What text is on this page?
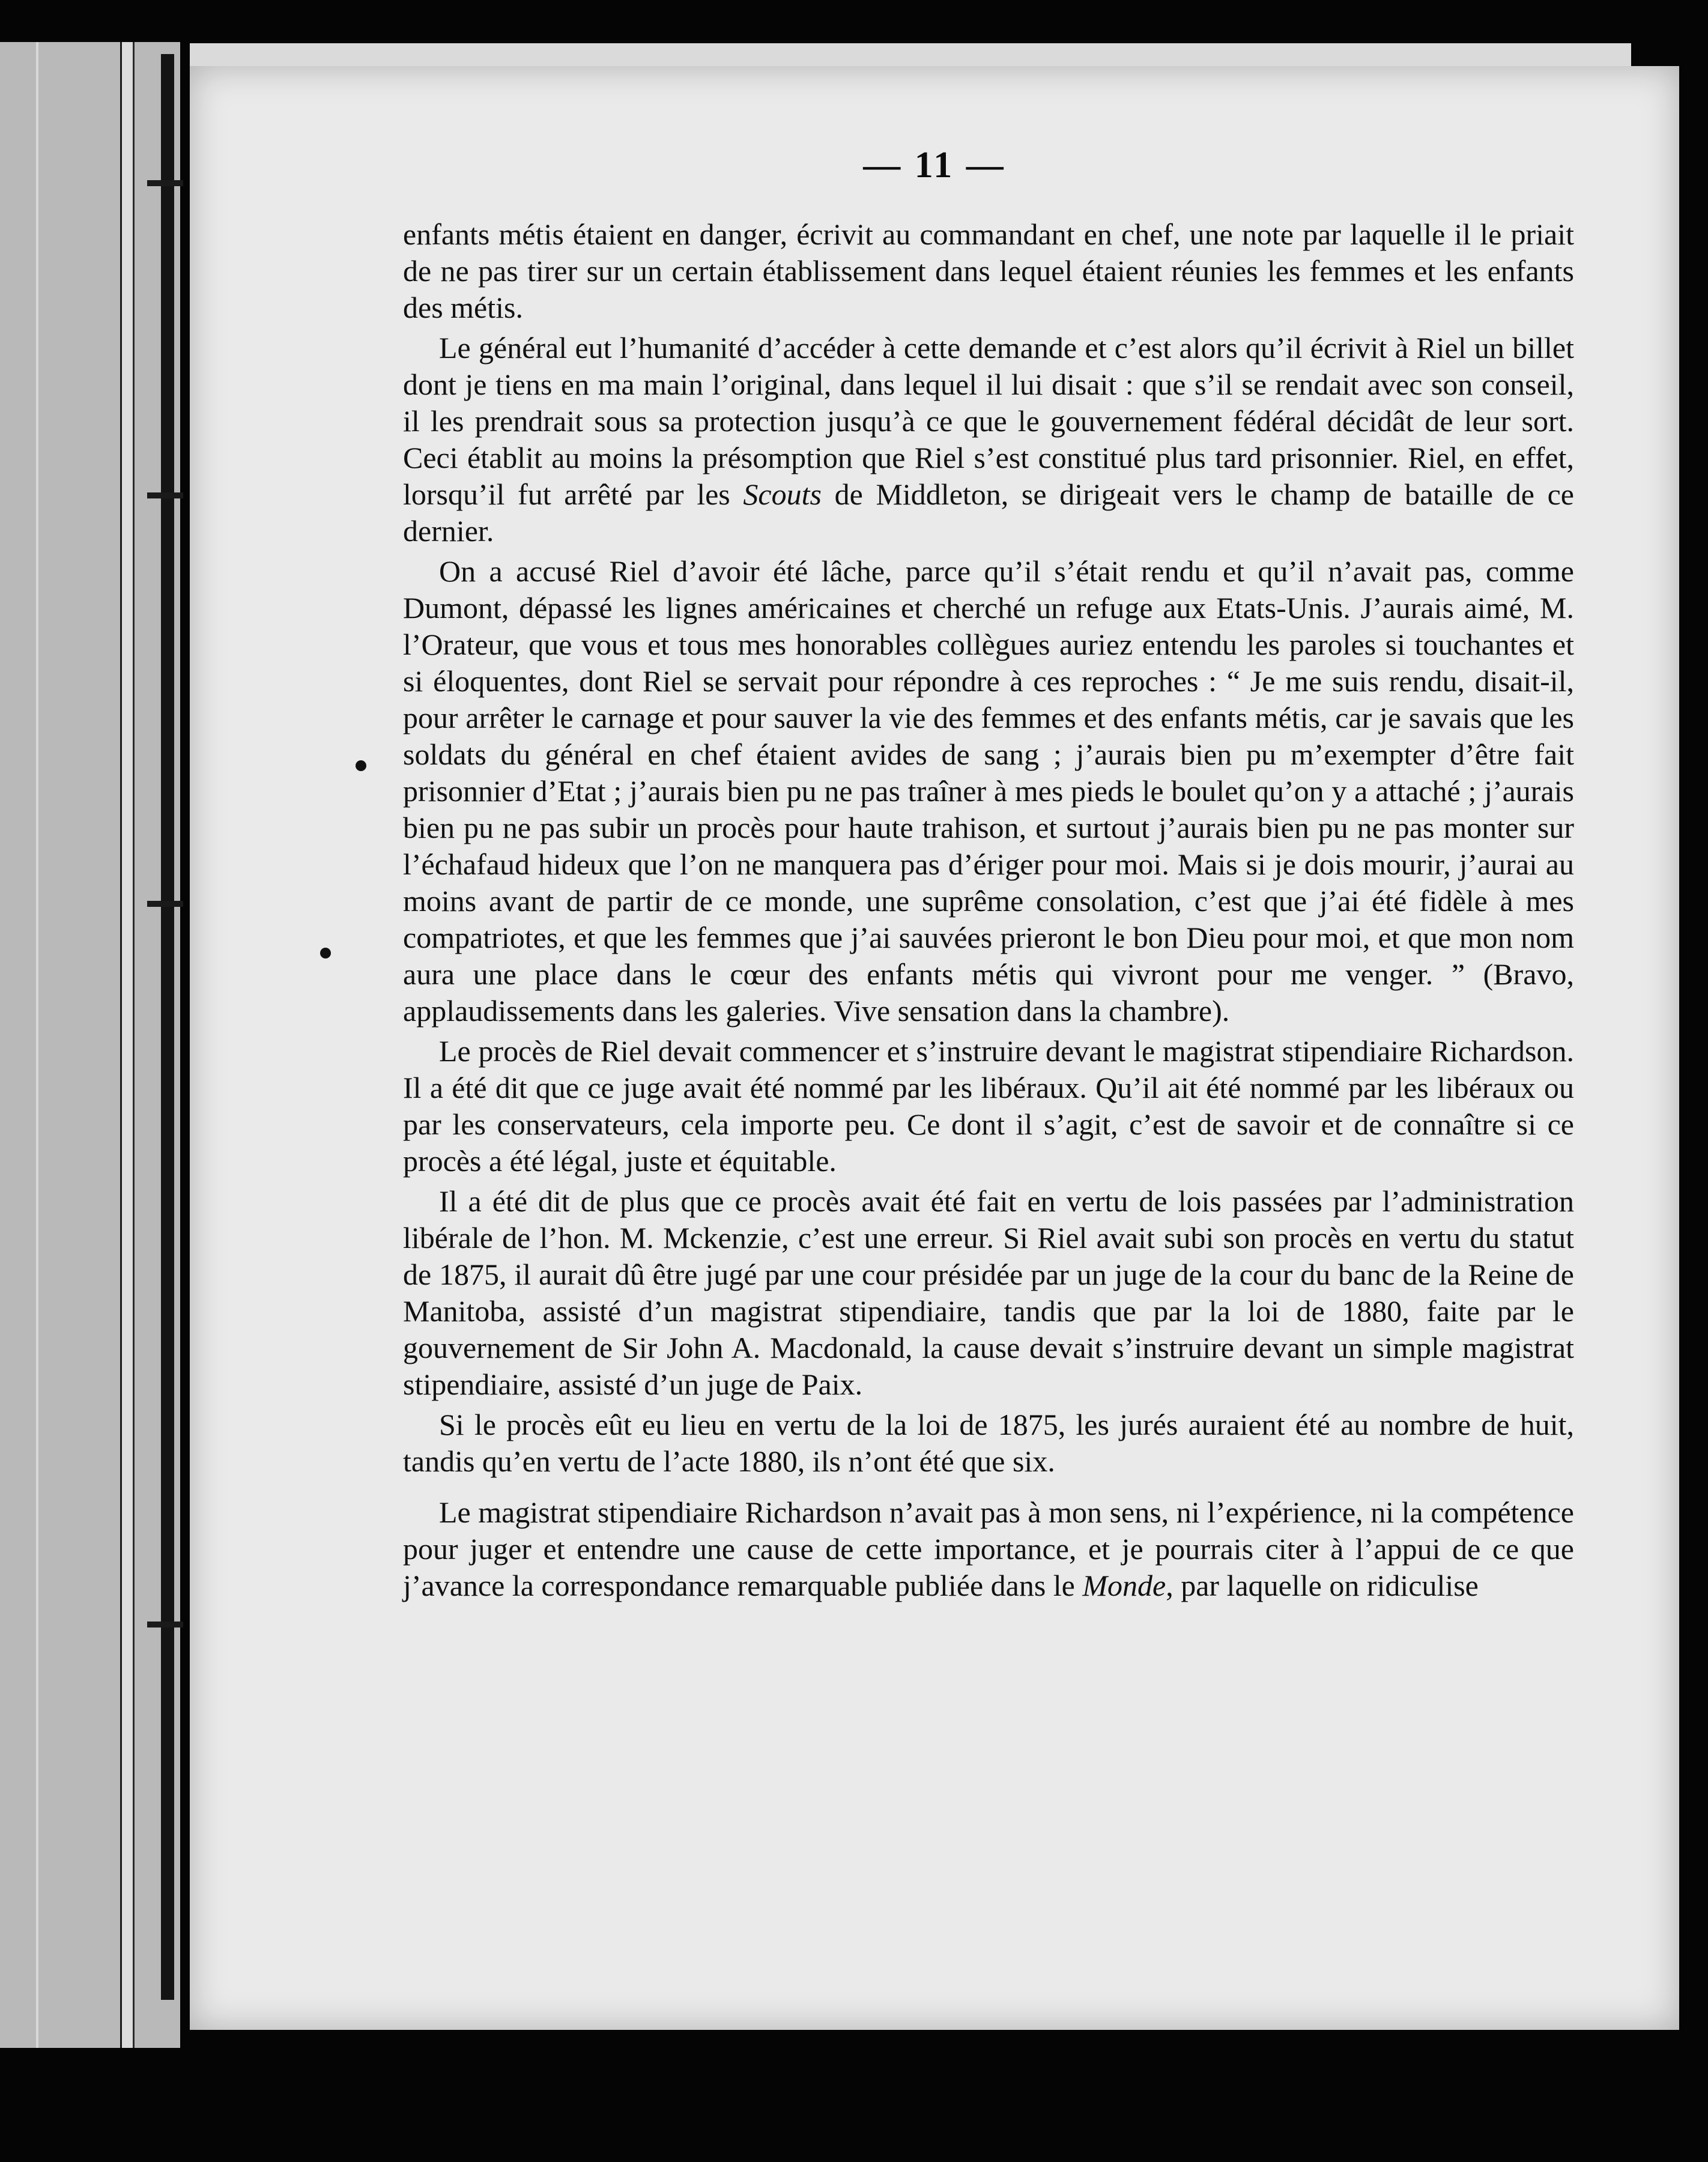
— 11 —

enfants métis étaient en danger, écrivit au commandant en chef, une note par laquelle il le priait de ne pas tirer sur un certain établissement dans lequel étaient réunies les femmes et les enfants des métis.

Le général eut l’humanité d’accéder à cette demande et c’est alors qu’il écrivit à Riel un billet dont je tiens en ma main l’original, dans lequel il lui disait : que s’il se rendait avec son conseil, il les prendrait sous sa protection jusqu’à ce que le gouvernement fédéral décidât de leur sort. Ceci établit au moins la présomption que Riel s’est constitué plus tard prisonnier. Riel, en effet, lorsqu’il fut arrêté par les Scouts de Middleton, se dirigeait vers le champ de bataille de ce dernier.

On a accusé Riel d’avoir été lâche, parce qu’il s’était rendu et qu’il n’avait pas, comme Dumont, dépassé les lignes américaines et cherché un refuge aux Etats-Unis. J’aurais aimé, M. l’Orateur, que vous et tous mes honorables collègues auriez entendu les paroles si touchantes et si éloquentes, dont Riel se servait pour répondre à ces reproches : “ Je me suis rendu, disait-il, pour arrêter le carnage et pour sauver la vie des femmes et des enfants métis, car je savais que les soldats du général en chef étaient avides de sang ; j’aurais bien pu m’exempter d’être fait prisonnier d’Etat ; j’aurais bien pu ne pas traîner à mes pieds le boulet qu’on y a attaché ; j’aurais bien pu ne pas subir un procès pour haute trahison, et surtout j’aurais bien pu ne pas monter sur l’échafaud hideux que l’on ne manquera pas d’ériger pour moi. Mais si je dois mourir, j’aurai au moins avant de partir de ce monde, une suprême consolation, c’est que j’ai été fidèle à mes compatriotes, et que les femmes que j’ai sauvées prieront le bon Dieu pour moi, et que mon nom aura une place dans le cœur des enfants métis qui vivront pour me venger. ” (Bravo, applaudissements dans les galeries. Vive sensation dans la chambre).

Le procès de Riel devait commencer et s’instruire devant le magistrat stipendiaire Richardson. Il a été dit que ce juge avait été nommé par les libéraux. Qu’il ait été nommé par les libéraux ou par les conservateurs, cela importe peu. Ce dont il s’agit, c’est de savoir et de connaître si ce procès a été légal, juste et équitable.

Il a été dit de plus que ce procès avait été fait en vertu de lois passées par l’administration libérale de l’hon. M. Mckenzie, c’est une erreur. Si Riel avait subi son procès en vertu du statut de 1875, il aurait dû être jugé par une cour présidée par un juge de la cour du banc de la Reine de Manitoba, assisté d’un magistrat stipendiaire, tandis que par la loi de 1880, faite par le gouvernement de Sir John A. Macdonald, la cause devait s’instruire devant un simple magistrat stipendiaire, assisté d’un juge de Paix.

Si le procès eût eu lieu en vertu de la loi de 1875, les jurés auraient été au nombre de huit, tandis qu’en vertu de l’acte 1880, ils n’ont été que six.

Le magistrat stipendiaire Richardson n’avait pas à mon sens, ni l’expérience, ni la compétence pour juger et entendre une cause de cette importance, et je pourrais citer à l’appui de ce que j’avance la correspondance remarquable publiée dans le Monde, par laquelle on ridiculise
